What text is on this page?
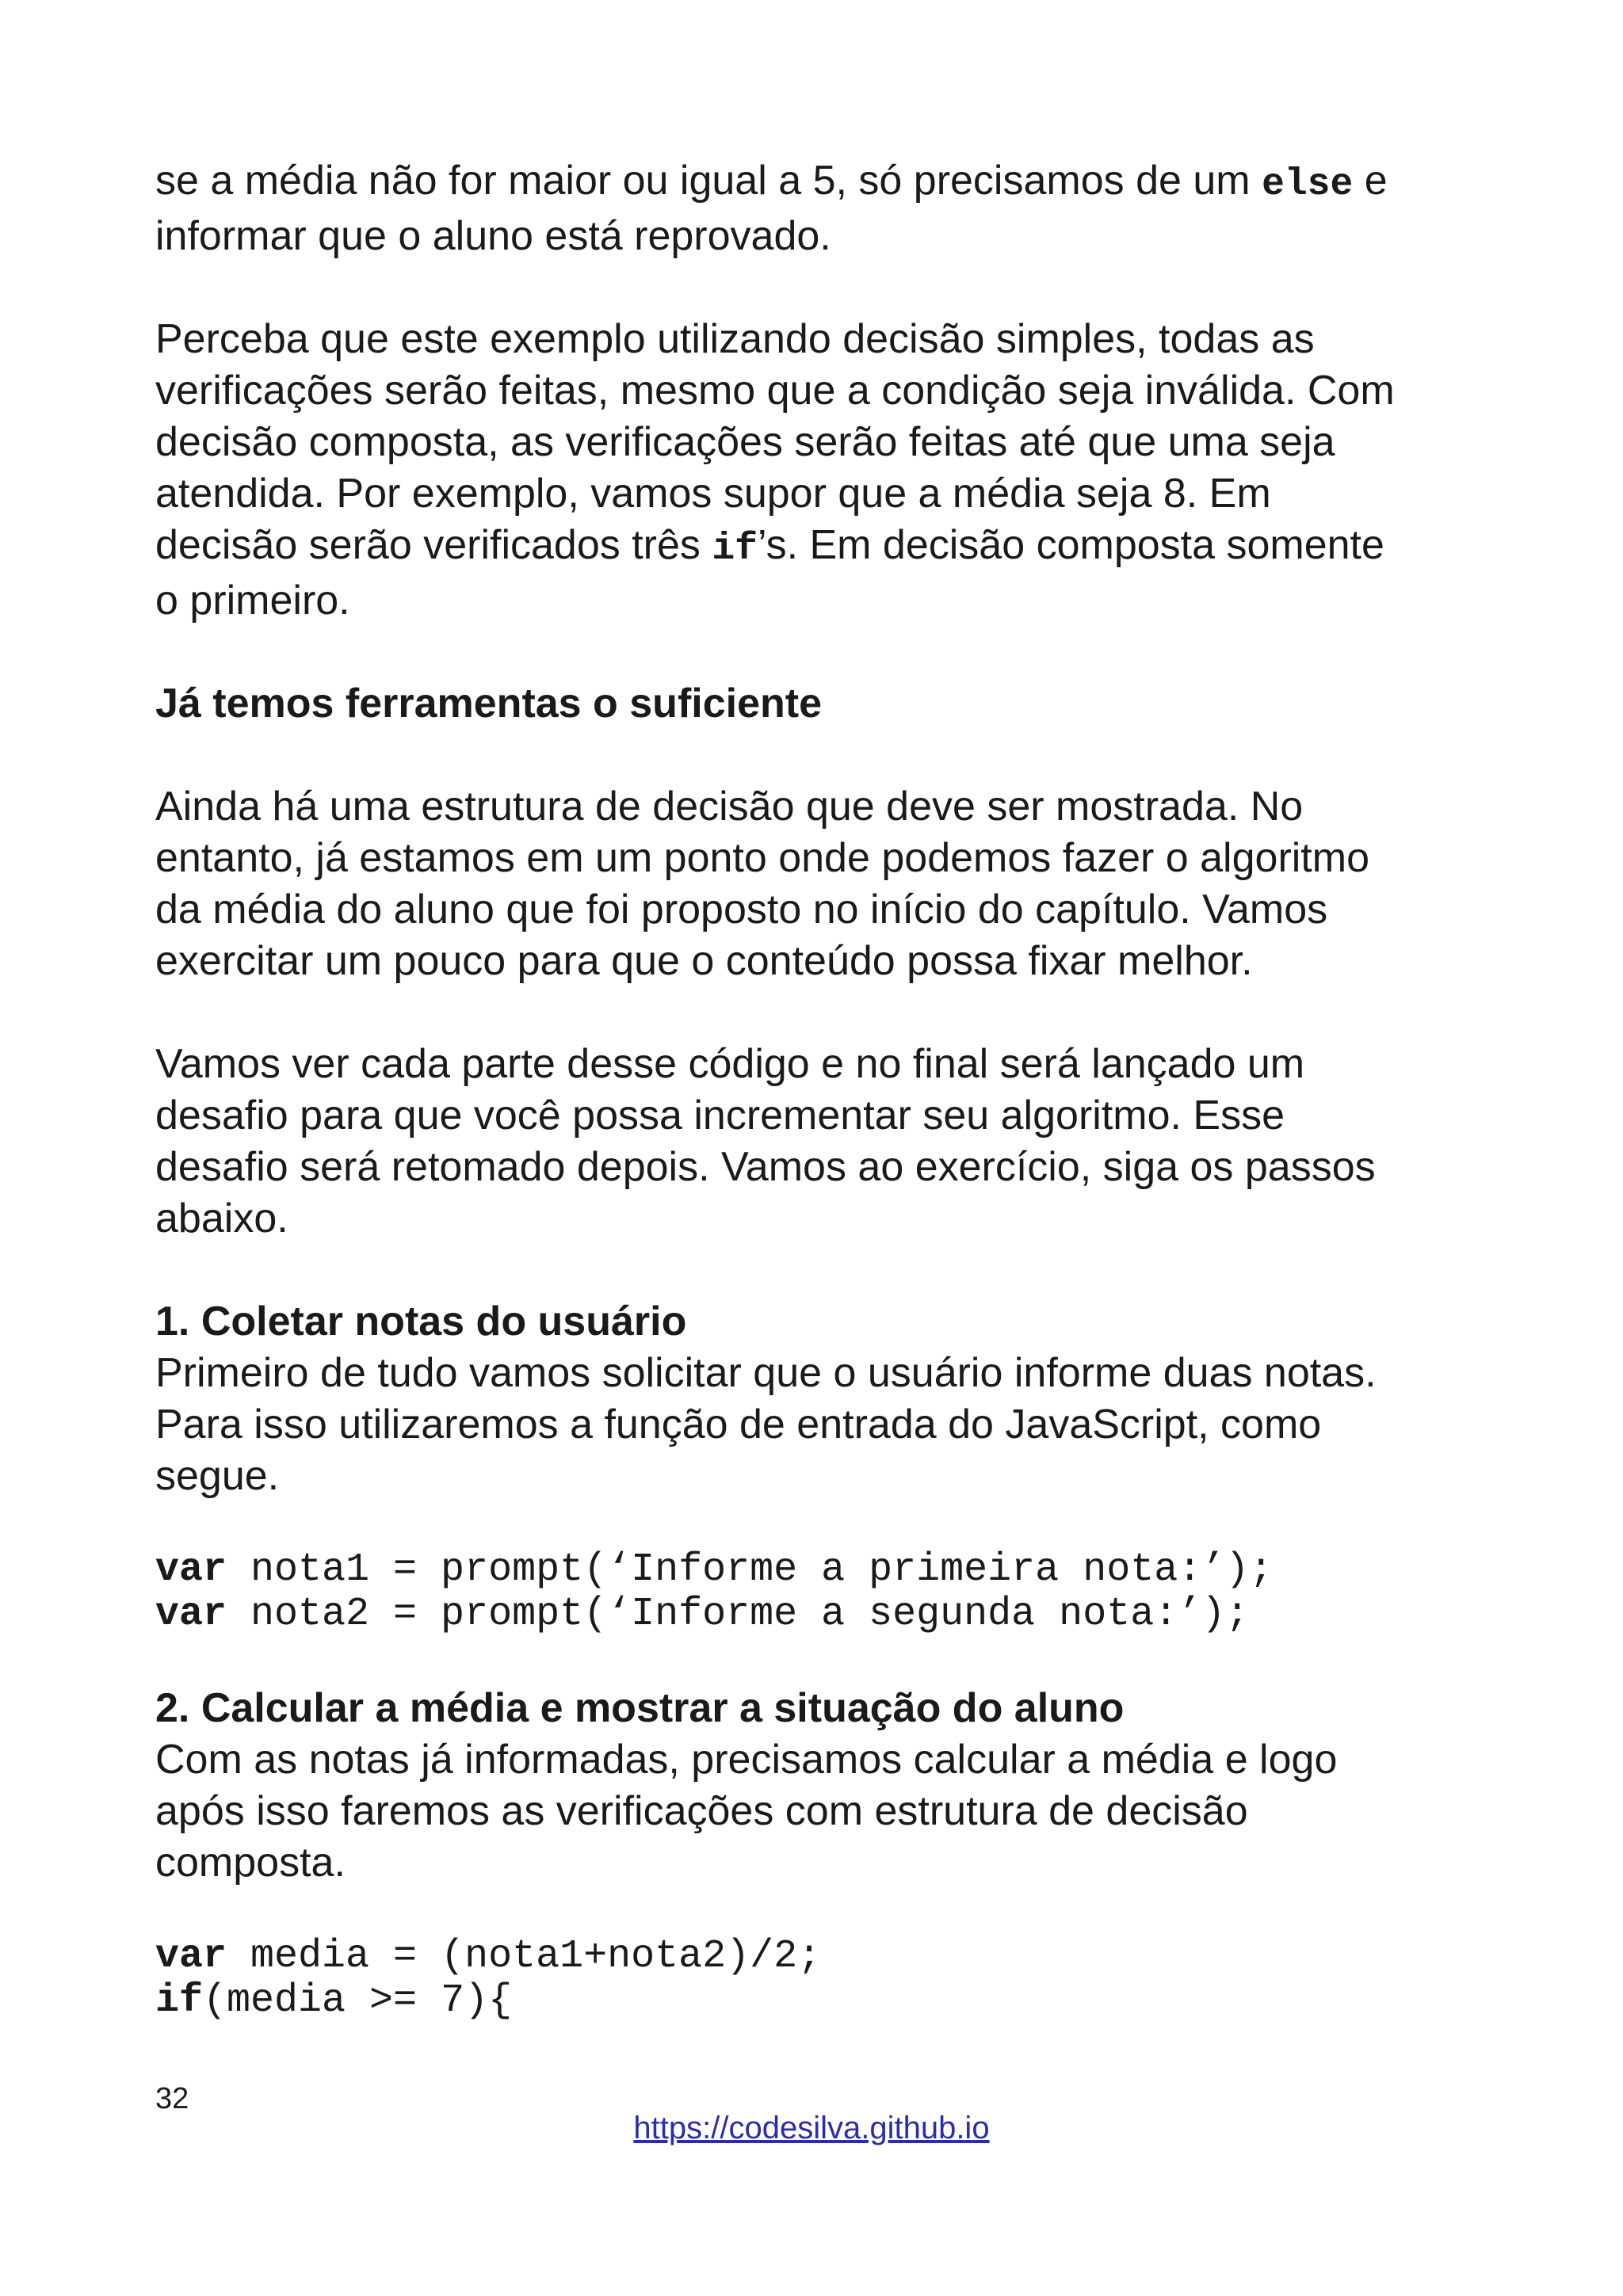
se a média não for maior ou igual a 5, só precisamos de um else e
informar que o aluno está reprovado.

Perceba que este exemplo utilizando decisão simples, todas as
verificações serão feitas, mesmo que a condição seja inválida. Com
decisão composta, as verificações serão feitas até que uma seja
atendida. Por exemplo, vamos supor que a média seja 8. Em
decisão serão verificados três if’s. Em decisão composta somente
o primeiro.

Já temos ferramentas o suficiente

Ainda há uma estrutura de decisão que deve ser mostrada. No
entanto, já estamos em um ponto onde podemos fazer o algoritmo
da média do aluno que foi proposto no início do capítulo. Vamos
exercitar um pouco para que o conteúdo possa fixar melhor.

Vamos ver cada parte desse código e no final será lançado um
desafio para que você possa incrementar seu algoritmo. Esse
desafio será retomado depois. Vamos ao exercício, siga os passos
abaixo.

1. Coletar notas do usuário

Primeiro de tudo vamos solicitar que o usuário informe duas notas.
Para isso utilizaremos a função de entrada do JavaScript, como
segue.

var nota1 = prompt(‘Informe a primeira nota:’);
var nota2 = prompt(‘Informe a segunda nota:’);
2. Calcular a média e mostrar a situação do aluno

Com as notas já informadas, precisamos calcular a média e logo
após isso faremos as verificações com estrutura de decisão
composta.

var media = (nota1+nota2)/2;
if(media >= 7){
32
https://codesilva.github.io
